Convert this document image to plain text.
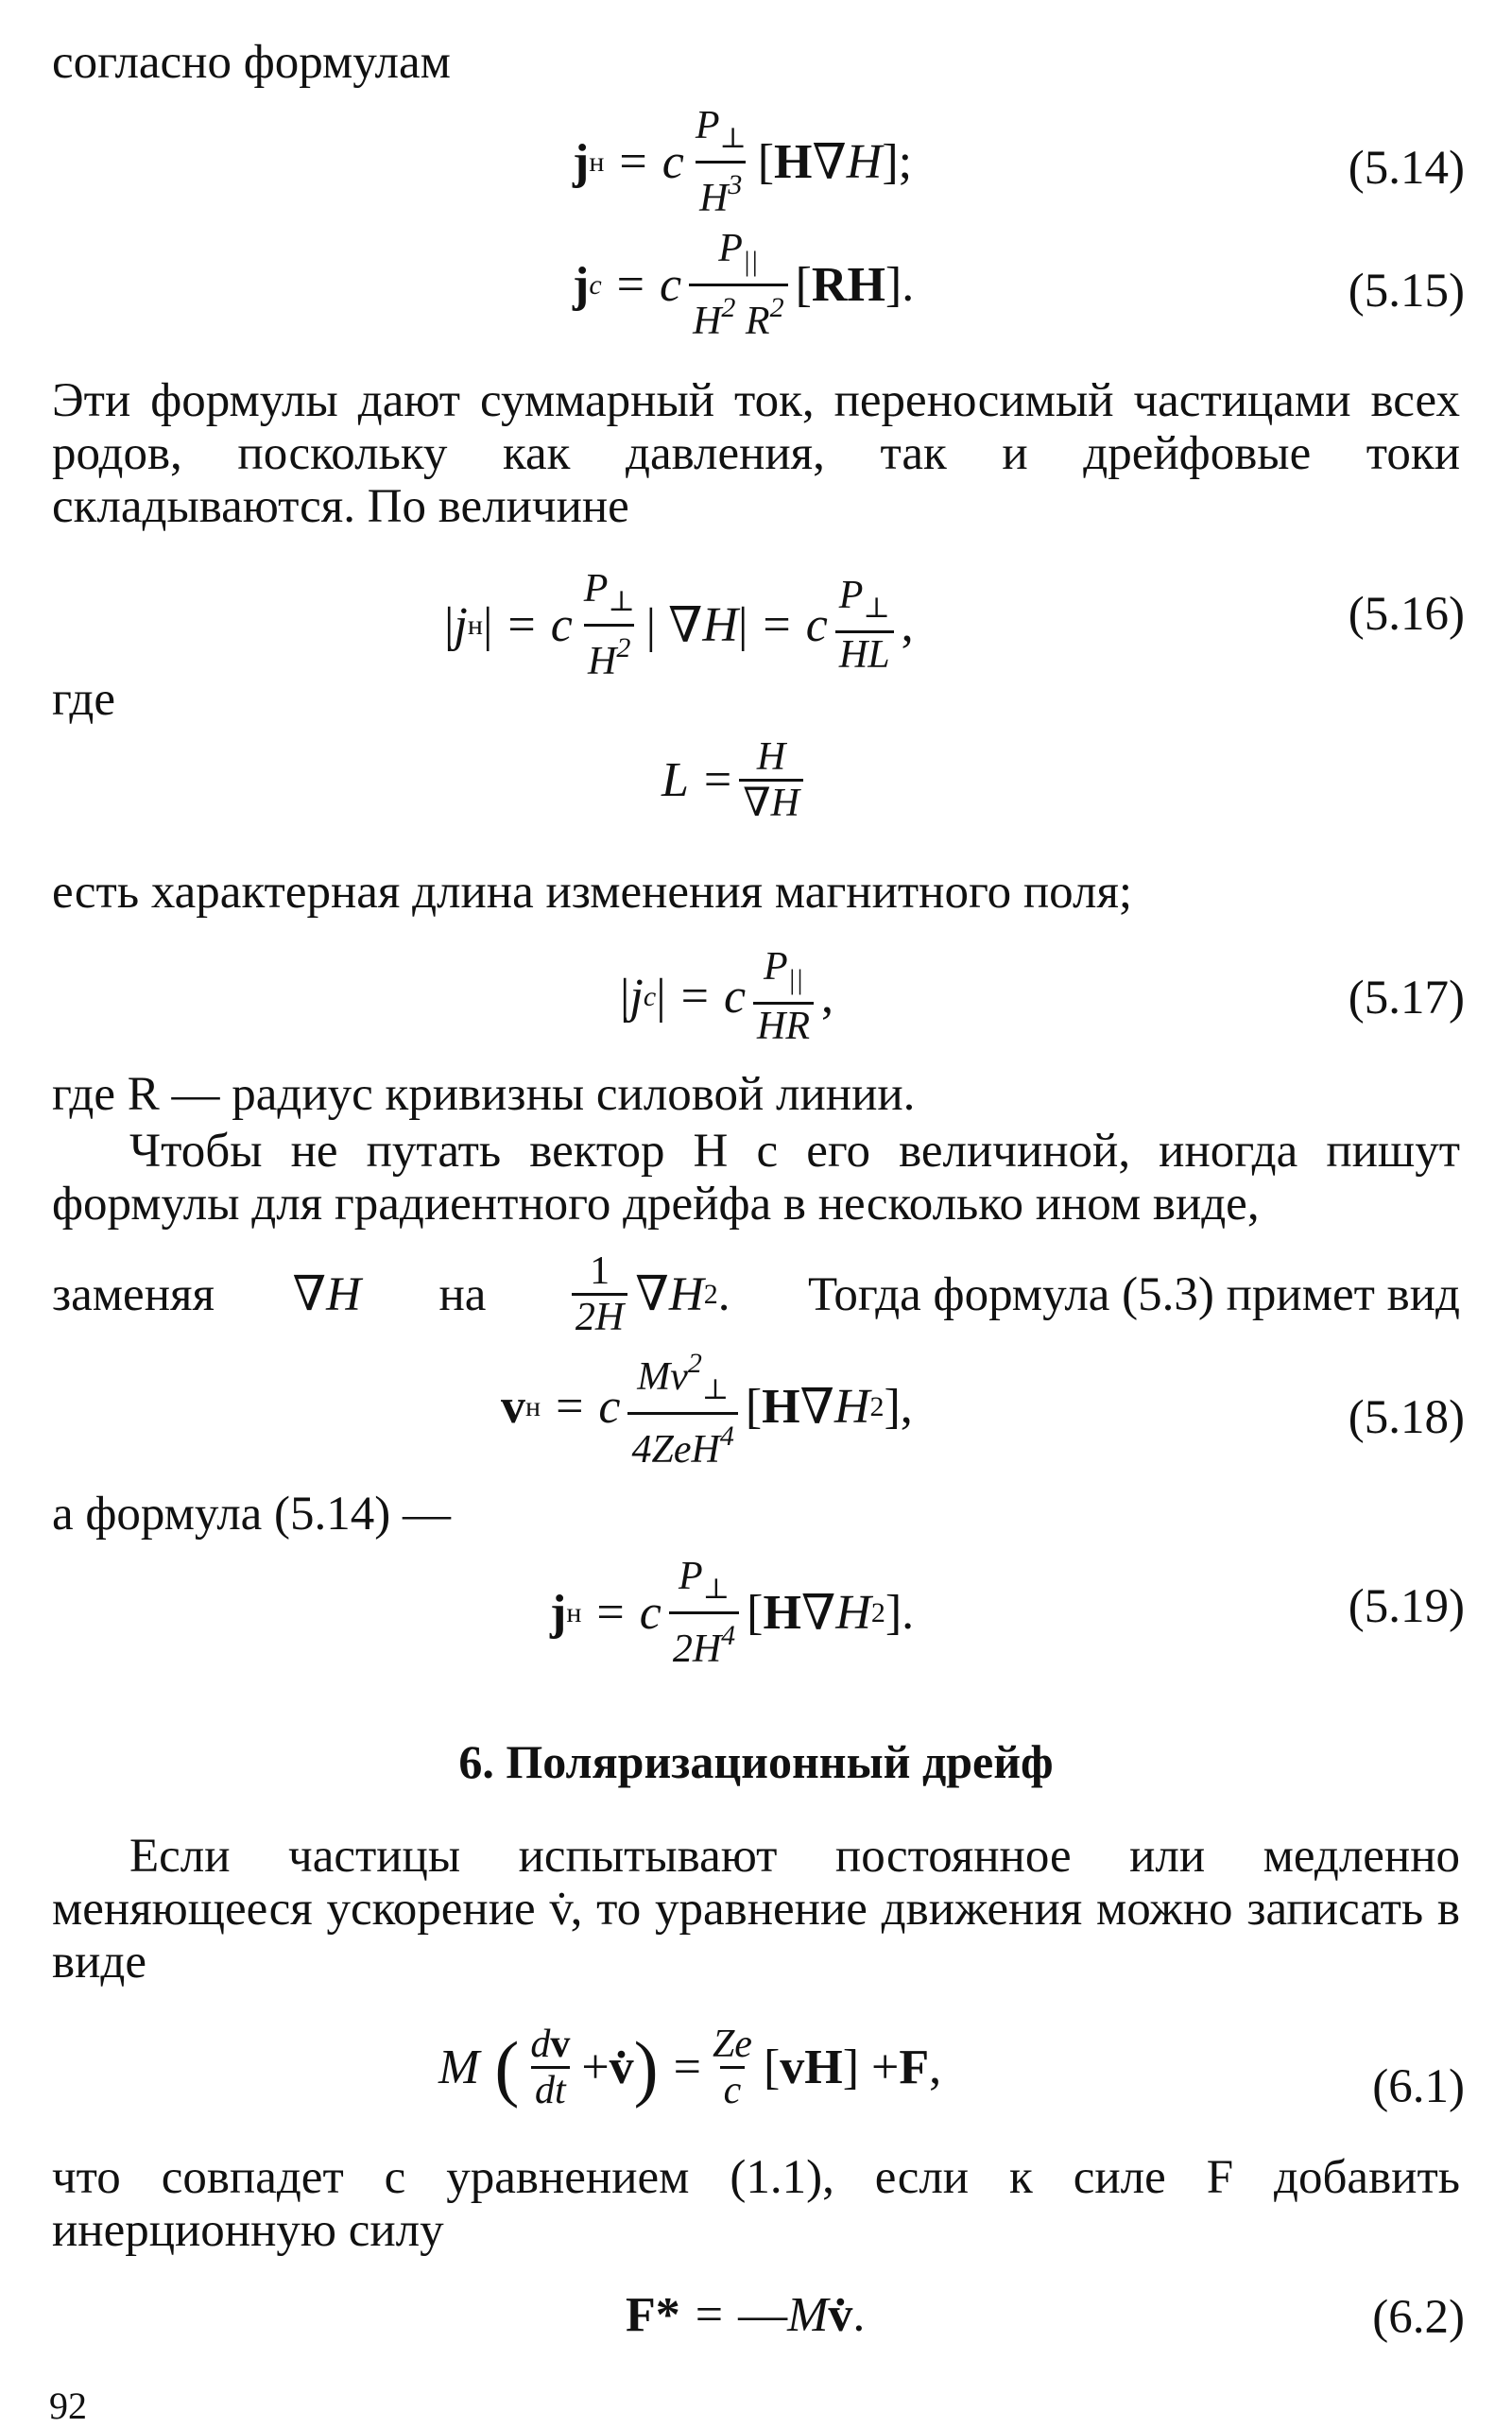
согласно формулам
j н = c $\frac{P_\perp}{H^3}$ [ H ∇ H ];	(5.14)
j c = c $\frac{P_{||}}{H^2 R^2}$ [ RH ].	(5.15)

Эти формулы дают суммарный ток, переносимый частицами всех родов, поскольку как давления, так и дрейфовые токи складываются. По величине

| j н | = c $\frac{P_\perp}{H^2}$ | ∇ H | = c $\frac{P_\perp}{HL}$ ,	(5.16)
где
$L = \frac{H}{\nabla H}$
есть характерная длина изменения магнитного поля;
| j c | = c $\frac{P_{||}}{HR}$ ,	(5.17)
где R — радиус кривизны силовой линии.

Чтобы не путать вектор H с его величиной, иногда пишут формулы для градиентного дрейфа в несколько ином виде,

заменяя ∇H на $\frac{1}{2H}$ ∇ H 2 . Тогда формула (5.3) примет вид
v н = c $\frac{Mv^2_\perp}{4ZeH^4}$ [ H ∇ H 2 ],	(5.18)
а формула (5.14) —
j н = c $\frac{P_\perp}{2H^4}$ [ H ∇ H 2 ].	(5.19)
6. Поляризационный дрейф

Если частицы испытывают постоянное или медленно меняющееся ускорение v̇, то уравнение движения можно записать в виде

M ( $\frac{dv}{dt}$ + v̇ ) = $\frac{Ze}{c}$ [ vH ] + F ,	(6.1)

что совпадет с уравнением (1.1), если к силе F добавить инерционную силу

F* = — M v̇ .	(6.2)
92
